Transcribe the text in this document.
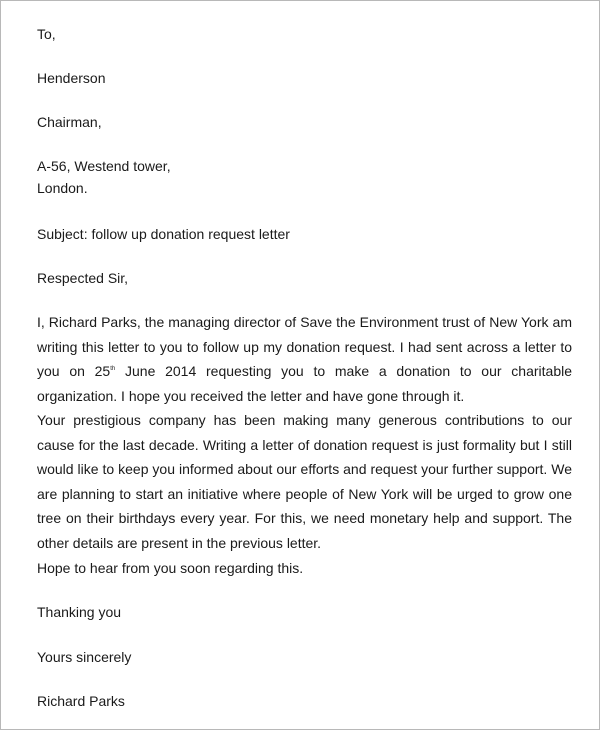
To,
Henderson
Chairman,
A-56, Westend tower,
London.
Subject: follow up donation request letter
Respected Sir,

I, Richard Parks, the managing director of Save the Environment trust of New York am writing this letter to you to follow up my donation request. I had sent across a letter to you on 25th June 2014 requesting you to make a donation to our charitable organization. I hope you received the letter and have gone through it.

Your prestigious company has been making many generous contributions to our cause for the last decade. Writing a letter of donation request is just formality but I still would like to keep you informed about our efforts and request your further support. We are planning to start an initiative where people of New York will be urged to grow one tree on their birthdays every year. For this, we need monetary help and support. The other details are present in the previous letter.

Hope to hear from you soon regarding this.
Thanking you
Yours sincerely
Richard Parks
